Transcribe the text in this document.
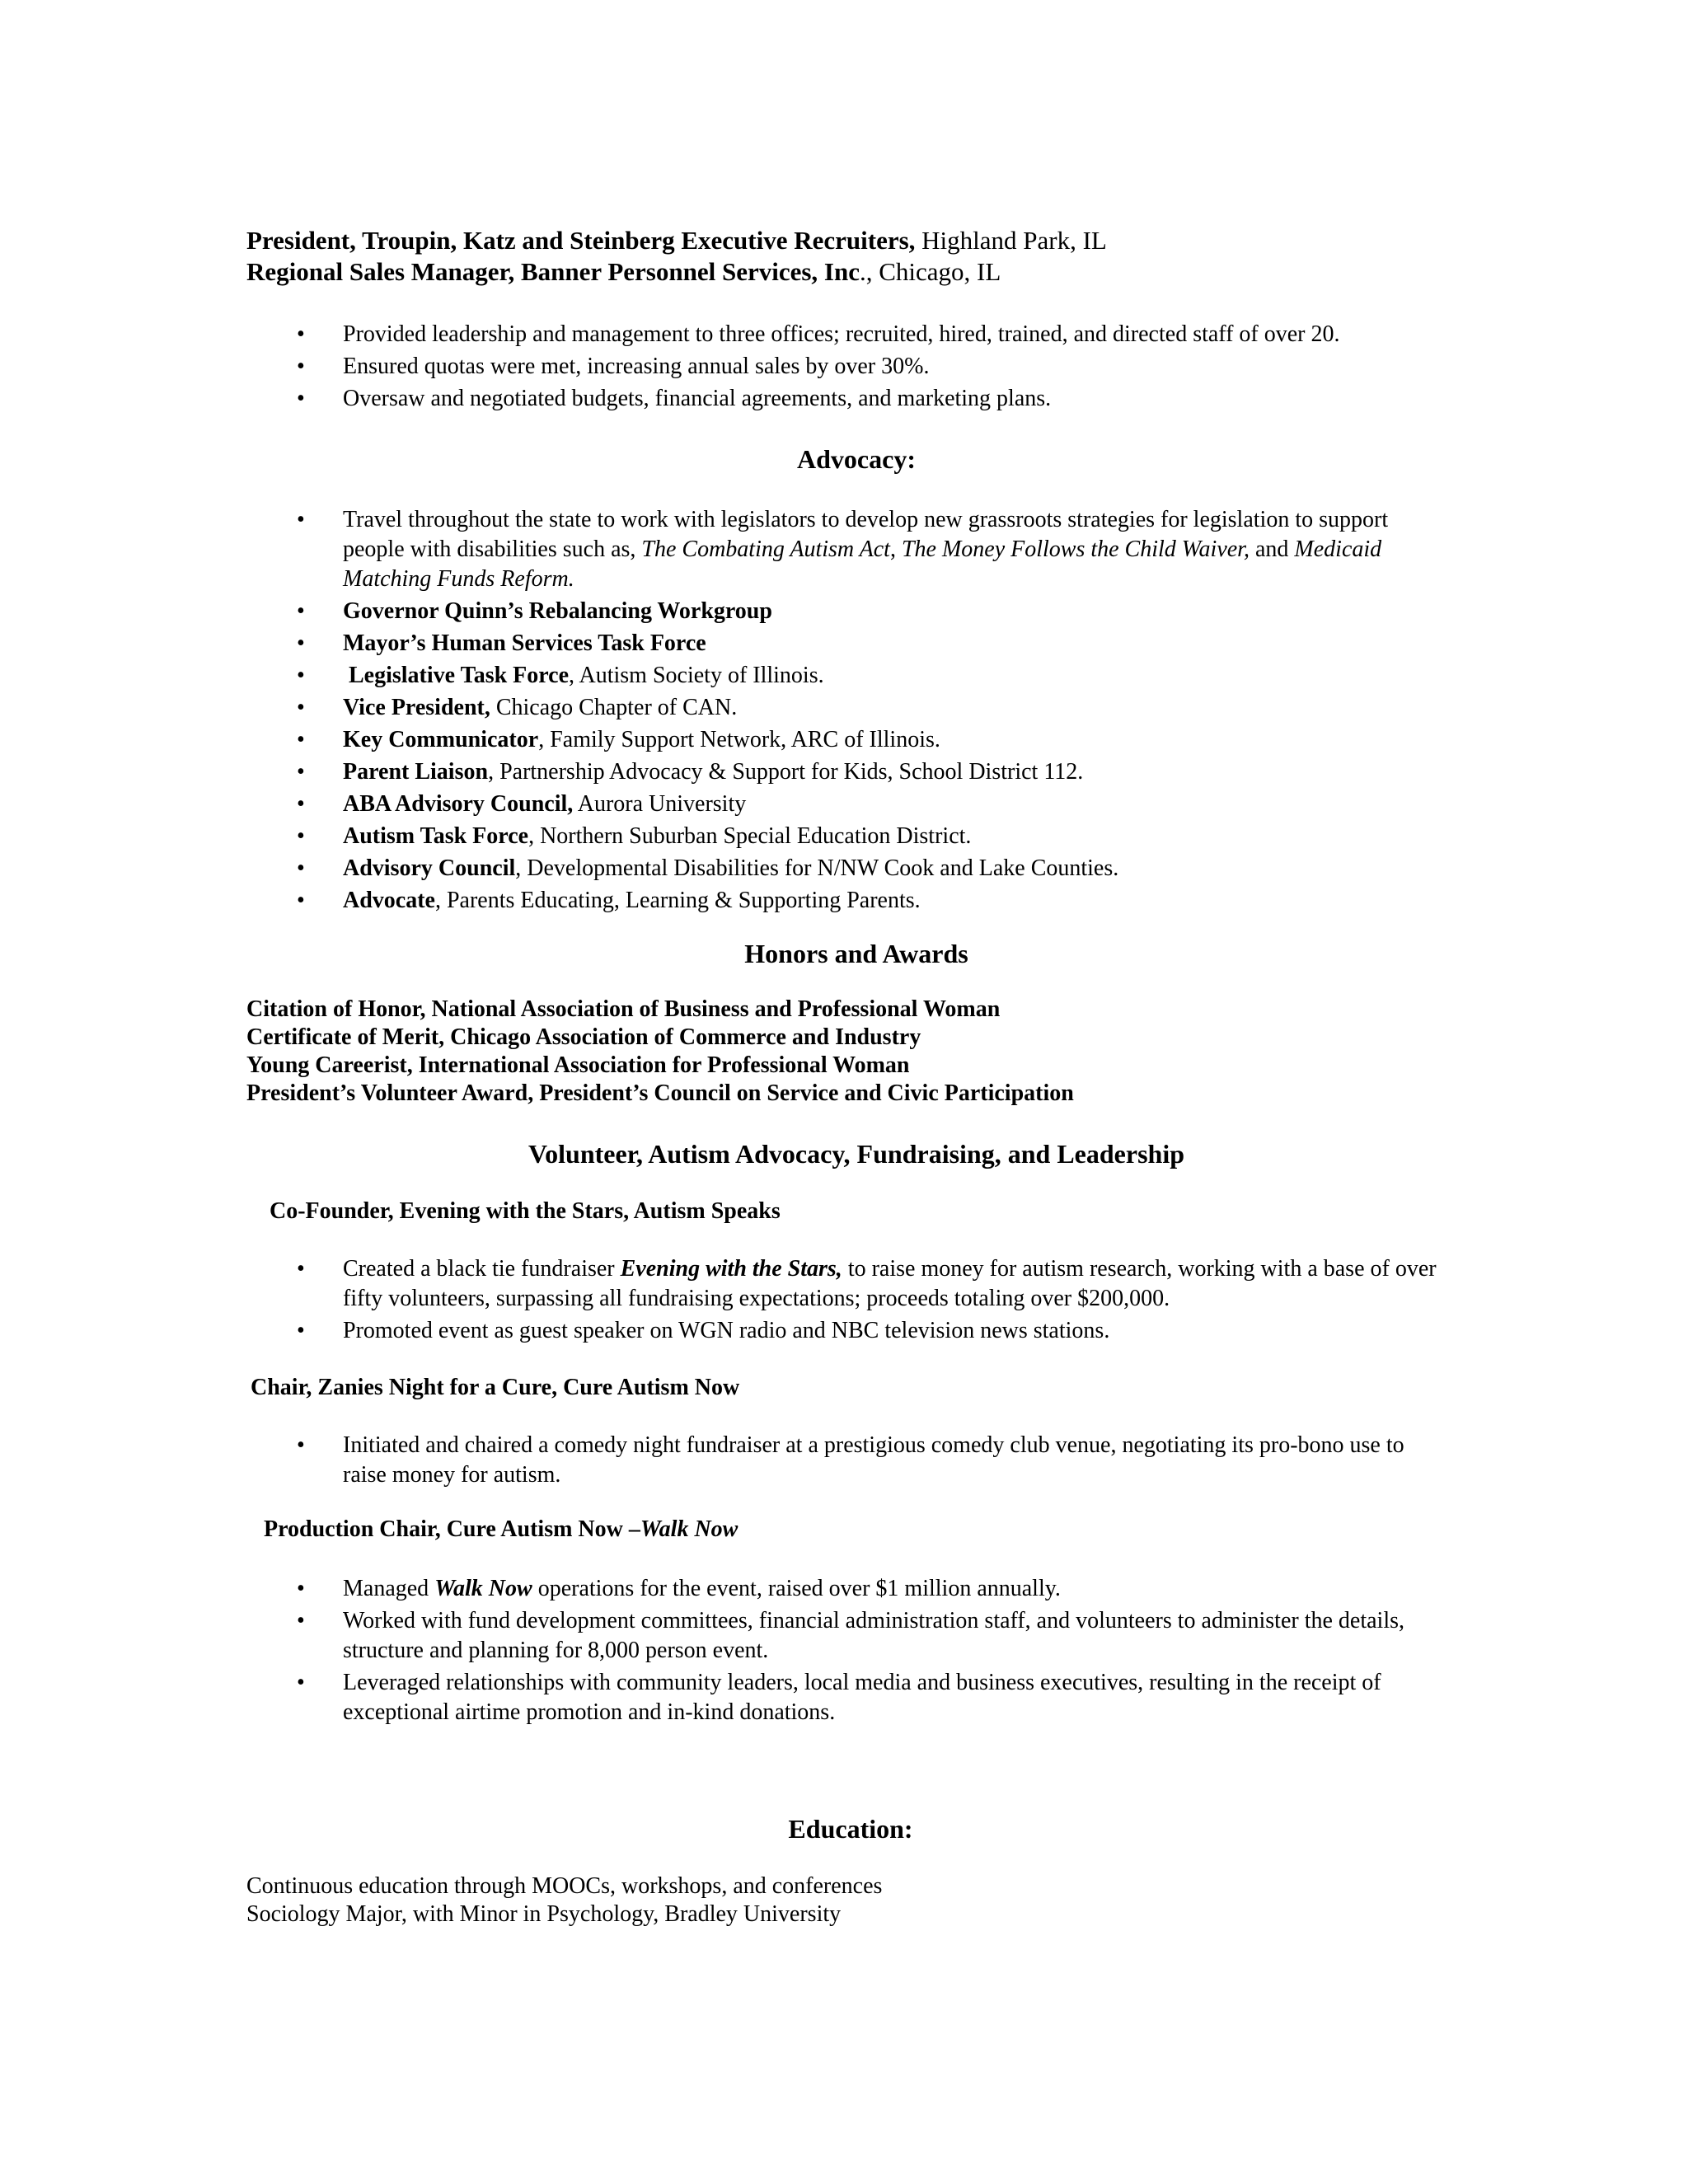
President, Troupin, Katz and Steinberg Executive Recruiters, Highland Park, IL
Regional Sales Manager, Banner Personnel Services, Inc., Chicago, IL
• Provided leadership and management to three offices; recruited, hired, trained, and directed staff of over 20.
• Ensured quotas were met, increasing annual sales by over 30%.
• Oversaw and negotiated budgets, financial agreements, and marketing plans.
Advocacy:
• Travel throughout the state to work with legislators to develop new grassroots strategies for legislation to support people with disabilities such as, The Combating Autism Act, The Money Follows the Child Waiver, and Medicaid Matching Funds Reform.
• Governor Quinn’s Rebalancing Workgroup
• Mayor’s Human Services Task Force
•  Legislative Task Force, Autism Society of Illinois.
• Vice President, Chicago Chapter of CAN.
• Key Communicator, Family Support Network, ARC of Illinois.
• Parent Liaison, Partnership Advocacy & Support for Kids, School District 112.
• ABA Advisory Council, Aurora University
• Autism Task Force, Northern Suburban Special Education District.
• Advisory Council, Developmental Disabilities for N/NW Cook and Lake Counties.
• Advocate, Parents Educating, Learning & Supporting Parents.
Honors and Awards
Citation of Honor, National Association of Business and Professional Woman
Certificate of Merit, Chicago Association of Commerce and Industry
Young Careerist, International Association for Professional Woman
President’s Volunteer Award, President’s Council on Service and Civic Participation
Volunteer, Autism Advocacy, Fundraising, and Leadership
Co-Founder, Evening with the Stars, Autism Speaks
• Created a black tie fundraiser Evening with the Stars, to raise money for autism research, working with a base of over fifty volunteers, surpassing all fundraising expectations; proceeds totaling over $200,000.
• Promoted event as guest speaker on WGN radio and NBC television news stations.
Chair, Zanies Night for a Cure, Cure Autism Now
• Initiated and chaired a comedy night fundraiser at a prestigious comedy club venue, negotiating its pro-bono use to raise money for autism.
Production Chair, Cure Autism Now –Walk Now
• Managed Walk Now operations for the event, raised over $1 million annually.
• Worked with fund development committees, financial administration staff, and volunteers to administer the details, structure and planning for 8,000 person event.
• Leveraged relationships with community leaders, local media and business executives, resulting in the receipt of exceptional airtime promotion and in-kind donations.
Education:
Continuous education through MOOCs, workshops, and conferences
Sociology Major, with Minor in Psychology, Bradley University
